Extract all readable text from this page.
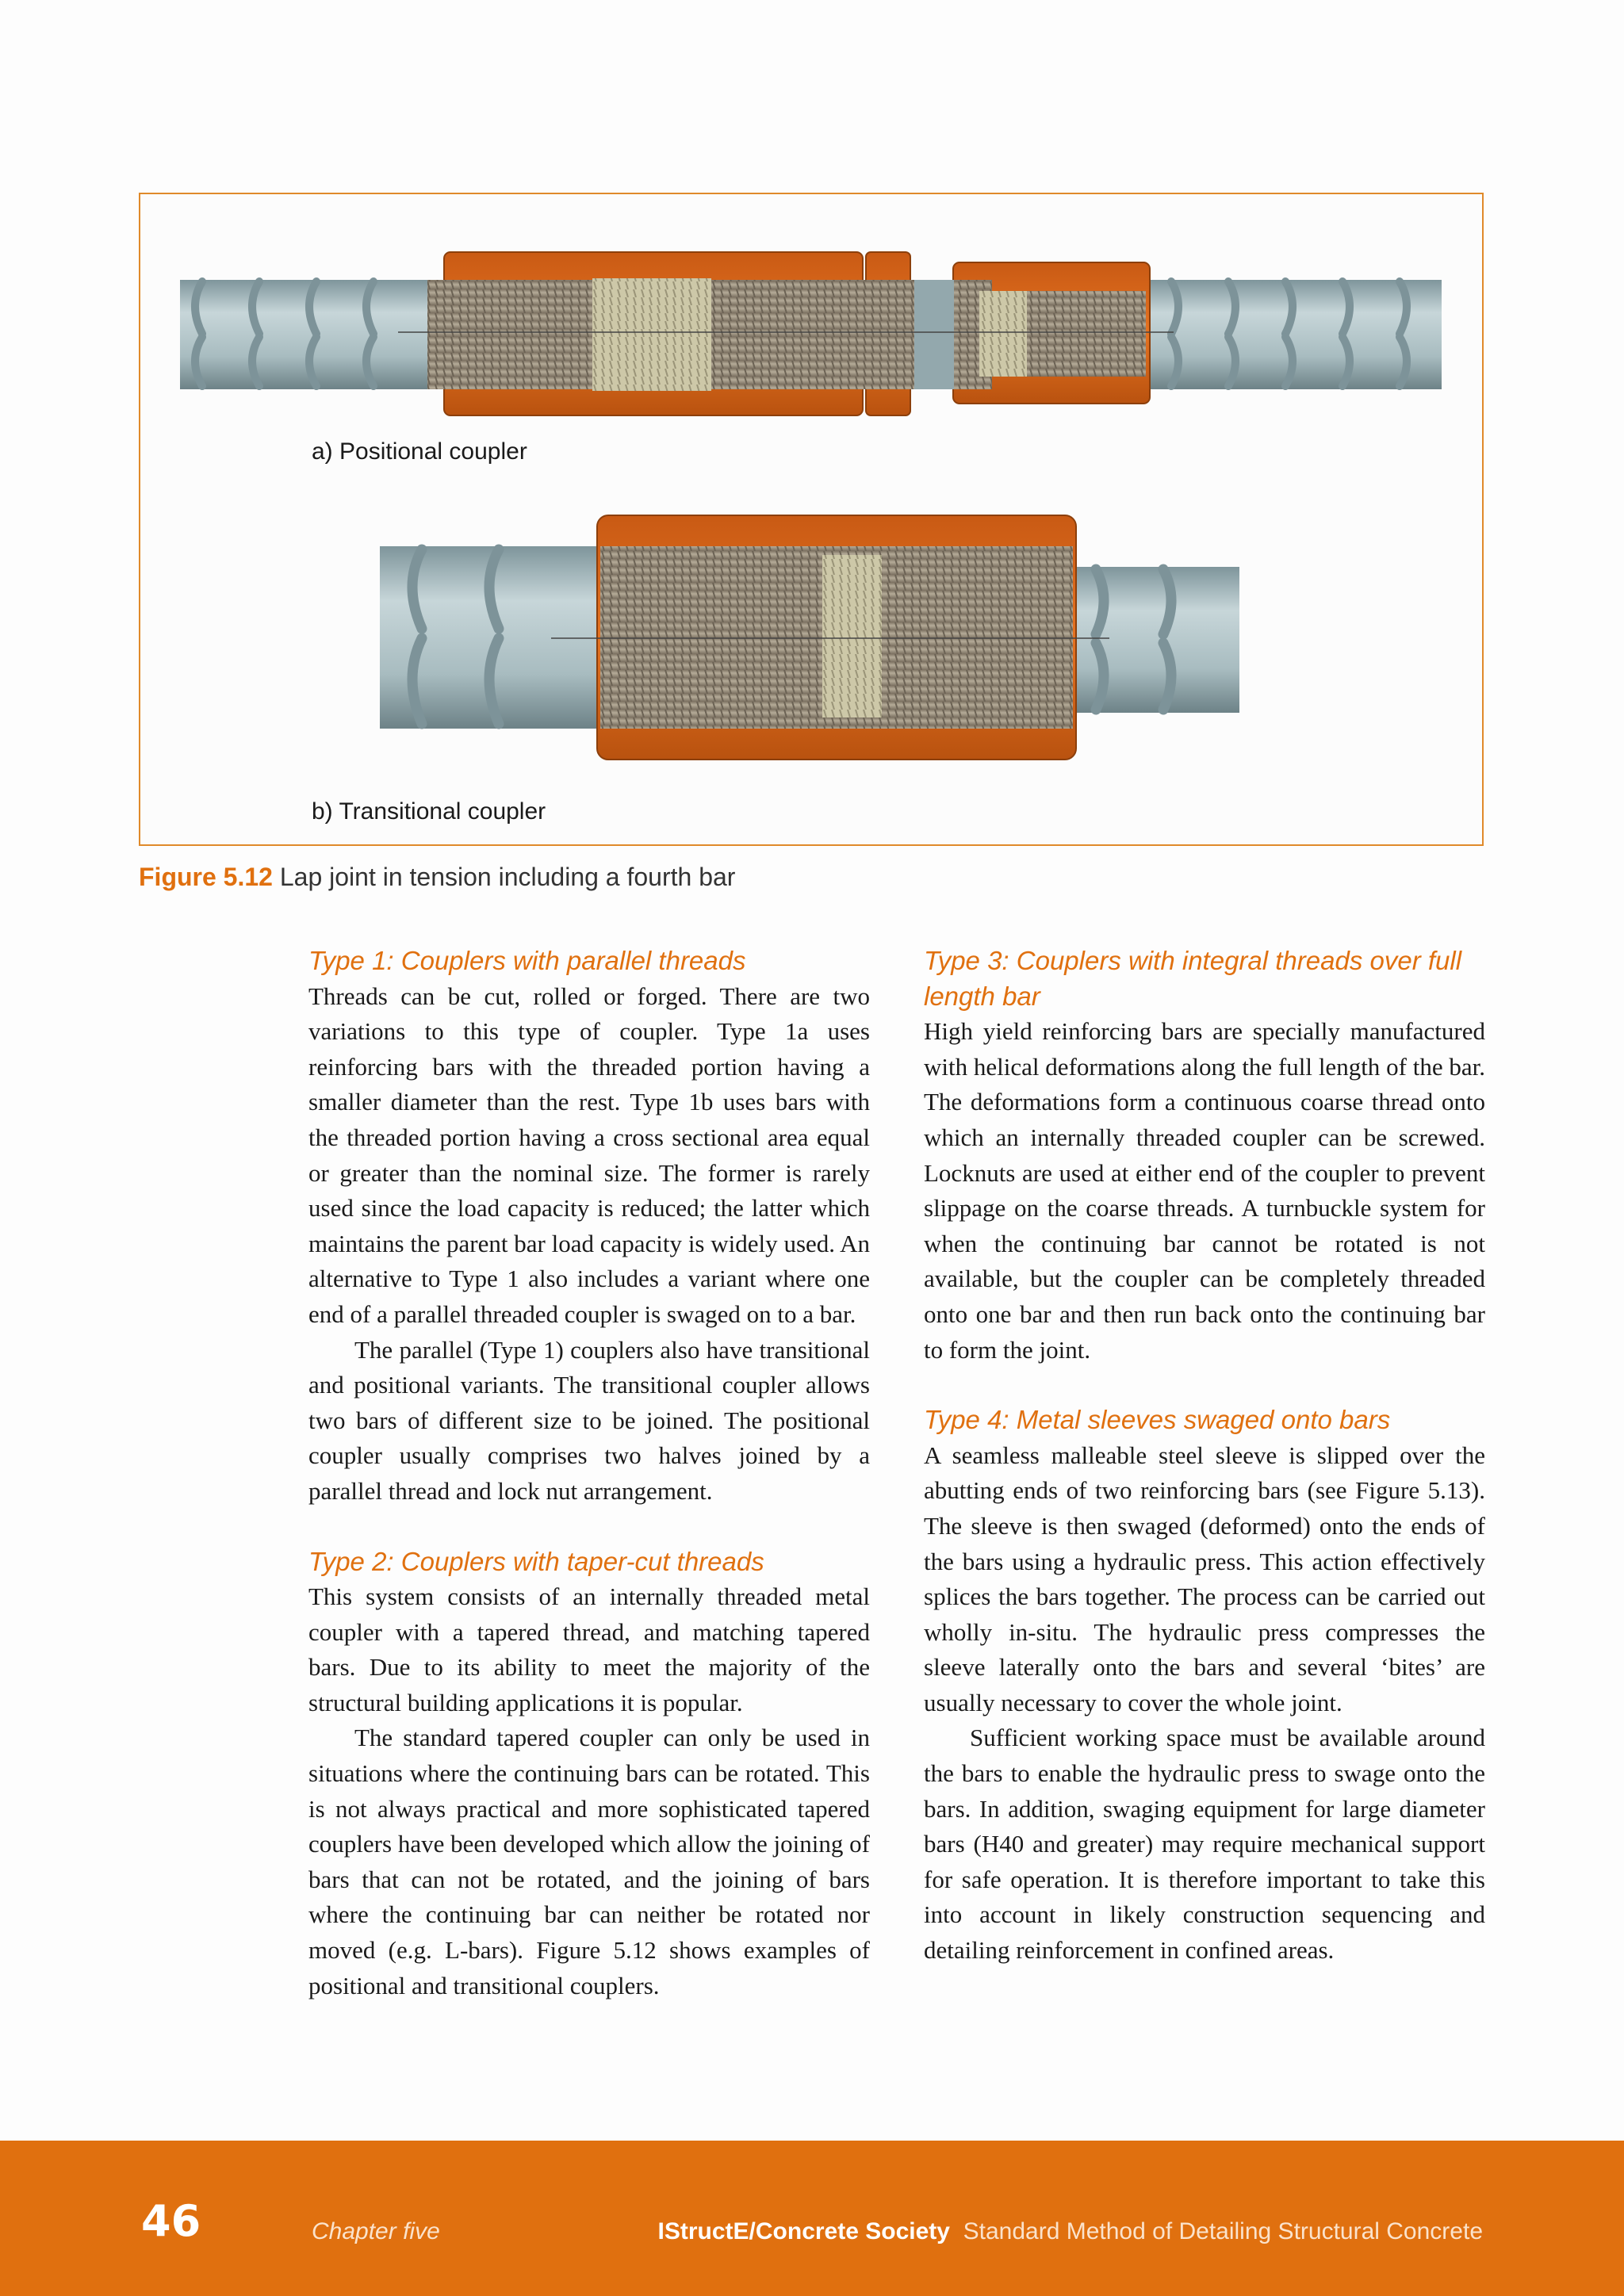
a) Positional coupler
b) Transitional coupler
Figure 5.12 Lap joint in tension including a fourth bar
Type 1: Couplers with parallel threads

Threads can be cut, rolled or forged. There are two variations to this type of coupler. Type 1a uses reinforcing bars with the threaded portion having a smaller diameter than the rest. Type 1b uses bars with the threaded portion having a cross sectional area equal or greater than the nominal size. The former is rarely used since the load capacity is reduced; the latter which maintains the parent bar load capacity is widely used. An alternative to Type 1 also includes a variant where one end of a parallel threaded coupler is swaged on to a bar.

The parallel (Type 1) couplers also have transitional and positional variants. The transitional coupler allows two bars of different size to be joined. The positional coupler usually comprises two halves joined by a parallel thread and lock nut arrangement.

Type 2: Couplers with taper-cut threads

This system consists of an internally threaded metal coupler with a tapered thread, and matching tapered bars. Due to its ability to meet the majority of the structural building applications it is popular.

The standard tapered coupler can only be used in situations where the continuing bars can be rotated. This is not always practical and more sophisticated tapered couplers have been developed which allow the joining of bars that can not be rotated, and the joining of bars where the continuing bar can neither be rotated nor moved (e.g. L-bars). Figure 5.12 shows examples of positional and transitional couplers.

Type 3: Couplers with integral threads over full length bar

High yield reinforcing bars are specially manufactured with helical deformations along the full length of the bar. The deformations form a continuous coarse thread onto which an internally threaded coupler can be screwed. Locknuts are used at either end of the coupler to prevent slippage on the coarse threads. A turnbuckle system for when the continuing bar cannot be rotated is not available, but the coupler can be completely threaded onto one bar and then run back onto the continuing bar to form the joint.

Type 4: Metal sleeves swaged onto bars

A seamless malleable steel sleeve is slipped over the abutting ends of two reinforcing bars (see Figure 5.13). The sleeve is then swaged (deformed) onto the ends of the bars using a hydraulic press. This action effectively splices the bars together. The process can be carried out wholly in-situ. The hydraulic press compresses the sleeve laterally onto the bars and several ‘bites’ are usually necessary to cover the whole joint.

Sufficient working space must be available around the bars to enable the hydraulic press to swage onto the bars. In addition, swaging equipment for large diameter bars (H40 and greater) may require mechanical support for safe operation. It is therefore important to take this into account in likely construction sequencing and detailing reinforcement in confined areas.

46	Chapter five	IStructE/Concrete Society Standard Method of Detailing Structural Concrete
